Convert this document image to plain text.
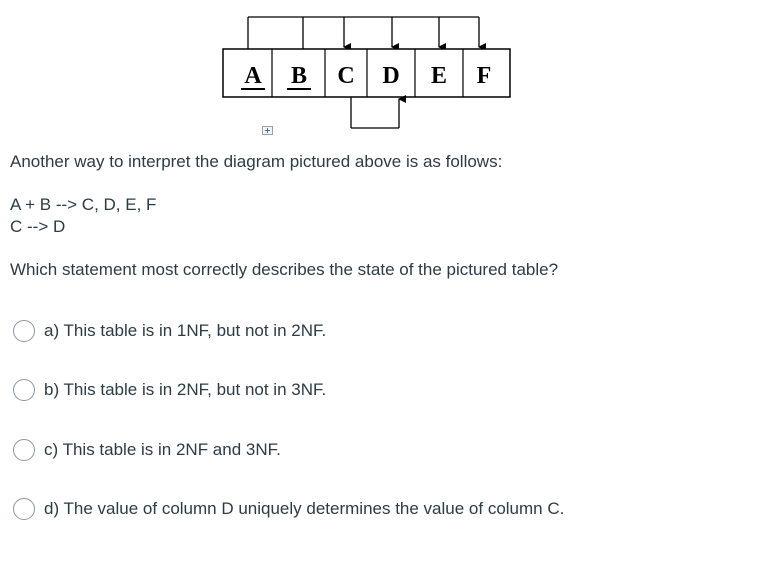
A B C D E F
Another way to interpret the diagram pictured above is as follows:
A + B --> C, D, E, F
C --> D
Which statement most correctly describes the state of the pictured table?
a) This table is in 1NF, but not in 2NF.
b) This table is in 2NF, but not in 3NF.
c) This table is in 2NF and 3NF.
d) The value of column D uniquely determines the value of column C.
